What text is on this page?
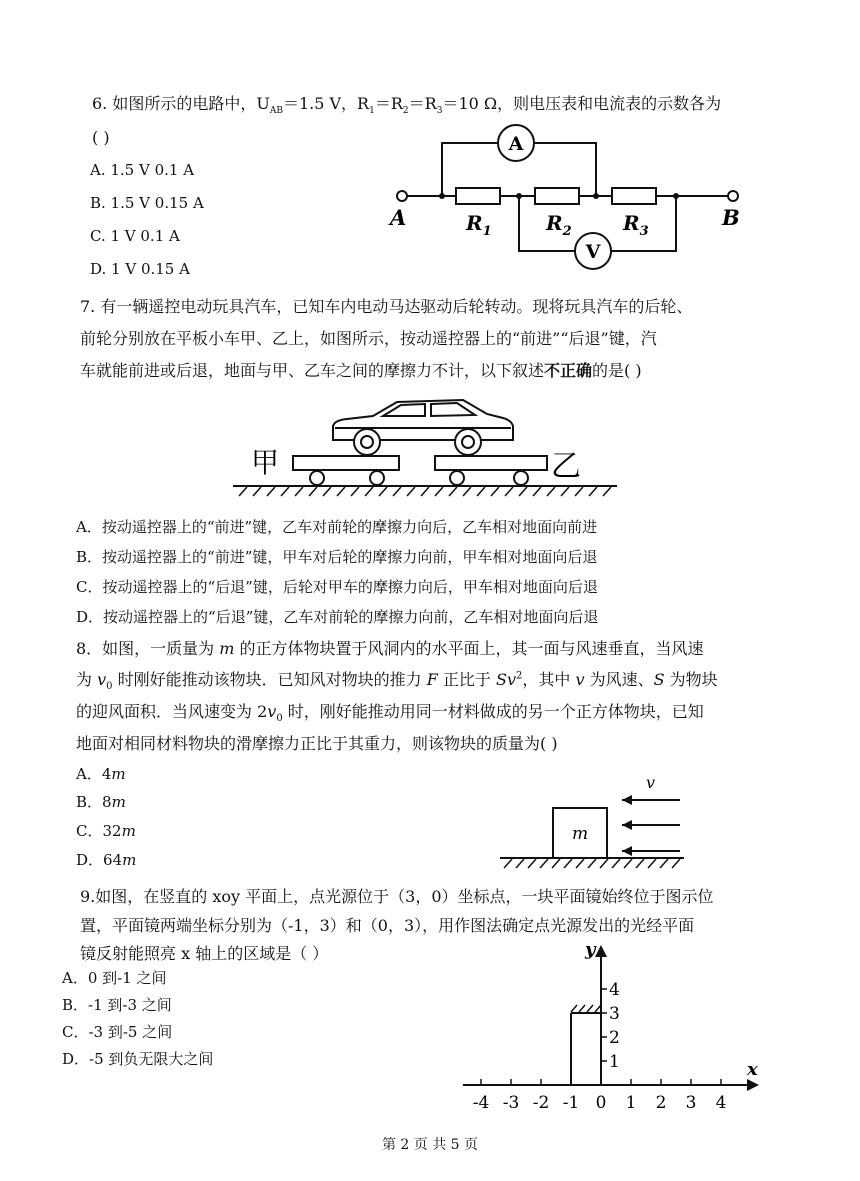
6. 如图所示的电路中，$U_{AB}=1.5$ V，$R_1=R_2=R_3=10$ Ω，则电压表和电流表的示数各为
( )
A. 1.5 V 0.1 A
B. 1.5 V 0.15 A
C. 1 V 0.1 A
D. 1 V 0.15 A
A
V
A	B
$R_1$	$R_2$	$R_3$
7. 有一辆遥控电动玩具汽车，已知车内电动马达驱动后轮转动。现将玩具汽车的后轮、
前轮分别放在平板小车甲、乙上，如图所示，按动遥控器上的“前进”“后退”键，汽
车就能前进或后退，地面与甲、乙车之间的摩擦力不计，以下叙述不正确的是( )
甲	乙
A．按动遥控器上的“前进”键，乙车对前轮的摩擦力向后，乙车相对地面向前进
B．按动遥控器上的“前进”键，甲车对后轮的摩擦力向前，甲车相对地面向后退
C．按动遥控器上的“后退”键，后轮对甲车的摩擦力向后，甲车相对地面向后退
D．按动遥控器上的“后退”键，乙车对前轮的摩擦力向前，乙车相对地面向后退
8．如图，一质量为 m 的正方体物块置于风洞内的水平面上，其一面与风速垂直，当风速
为 $v_0$ 时刚好能推动该物块．已知风对物块的推力 F 正比于 Sv$^2$，其中 v 为风速、S 为物块
的迎风面积．当风速变为 $2v_0$ 时，刚好能推动用同一材料做成的另一个正方体物块，已知
地面对相同材料物块的滑摩擦力正比于其重力，则该物块的质量为( )
A．4m
B．8m
C．32m
D．64m
m
v
9.如图，在竖直的 xoy 平面上，点光源位于（3，0）坐标点，一块平面镜始终位于图示位
置，平面镜两端坐标分别为（-1，3）和（0，3），用作图法确定点光源发出的光经平面
镜反射能照亮 x 轴上的区域是（ ）
A．0 到-1 之间
B．-1 到-3 之间
C．-3 到-5 之间
D．-5 到负无限大之间
-4 -3 -2 -1 0 1 2 3 4
1
2
3
4
x
y
第 2 页 共 5 页
